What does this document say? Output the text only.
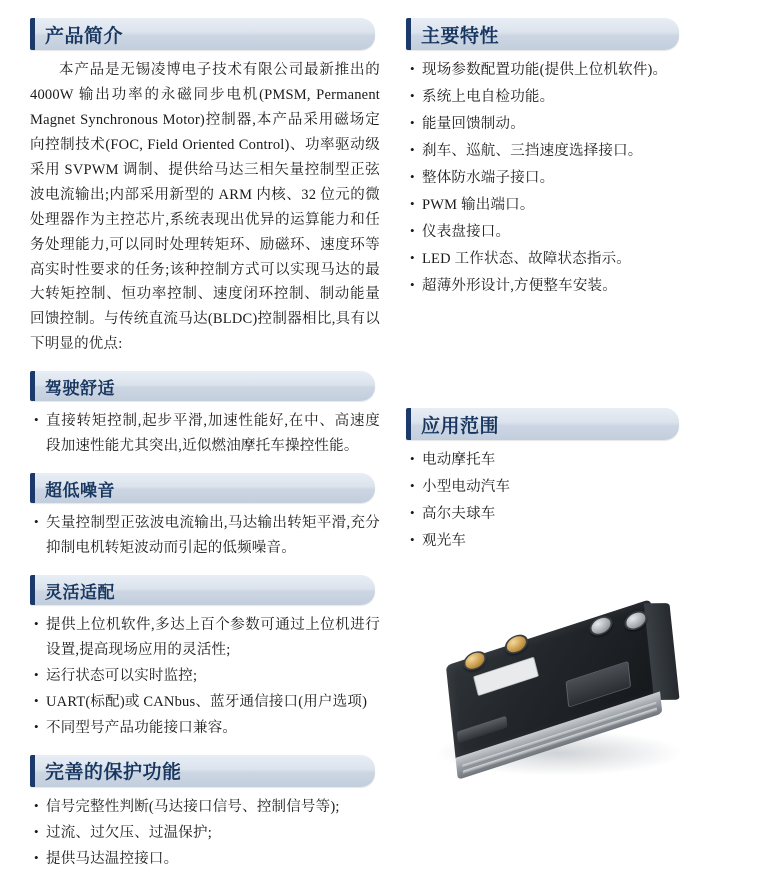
产品简介

本产品是无锡凌博电子技术有限公司最新推出的 4000W 输出功率的永磁同步电机(PMSM, Permanent Magnet Synchronous Motor)控制器,本产品采用磁场定向控制技术(FOC, Field Oriented Control)、功率驱动级采用 SVPWM 调制、提供给马达三相矢量控制型正弦波电流输出;内部采用新型的 ARM 内核、32 位元的微处理器作为主控芯片,系统表现出优异的运算能力和任务处理能力,可以同时处理转矩环、励磁环、速度环等高实时性要求的任务;该种控制方式可以实现马达的最大转矩控制、恒功率控制、速度闭环控制、制动能量回馈控制。与传统直流马达(BLDC)控制器相比,具有以下明显的优点:

驾驶舒适
• 直接转矩控制,起步平滑,加速性能好,在中、高速度段加速性能尤其突出,近似燃油摩托车操控性能。
超低噪音
• 矢量控制型正弦波电流输出,马达输出转矩平滑,充分抑制电机转矩波动而引起的低频噪音。
灵活适配
• 提供上位机软件,多达上百个参数可通过上位机进行设置,提高现场应用的灵活性;
• 运行状态可以实时监控;
• UART(标配)或 CANbus、蓝牙通信接口(用户选项)
• 不同型号产品功能接口兼容。
完善的保护功能
• 信号完整性判断(马达接口信号、控制信号等);
• 过流、过欠压、过温保护;
• 提供马达温控接口。
主要特性
• 现场参数配置功能(提供上位机软件)。
• 系统上电自检功能。
• 能量回馈制动。
• 刹车、巡航、三挡速度选择接口。
• 整体防水端子接口。
• PWM 输出端口。
• 仪表盘接口。
• LED 工作状态、故障状态指示。
• 超薄外形设计,方便整车安装。
应用范围
• 电动摩托车
• 小型电动汽车
• 高尔夫球车
• 观光车
